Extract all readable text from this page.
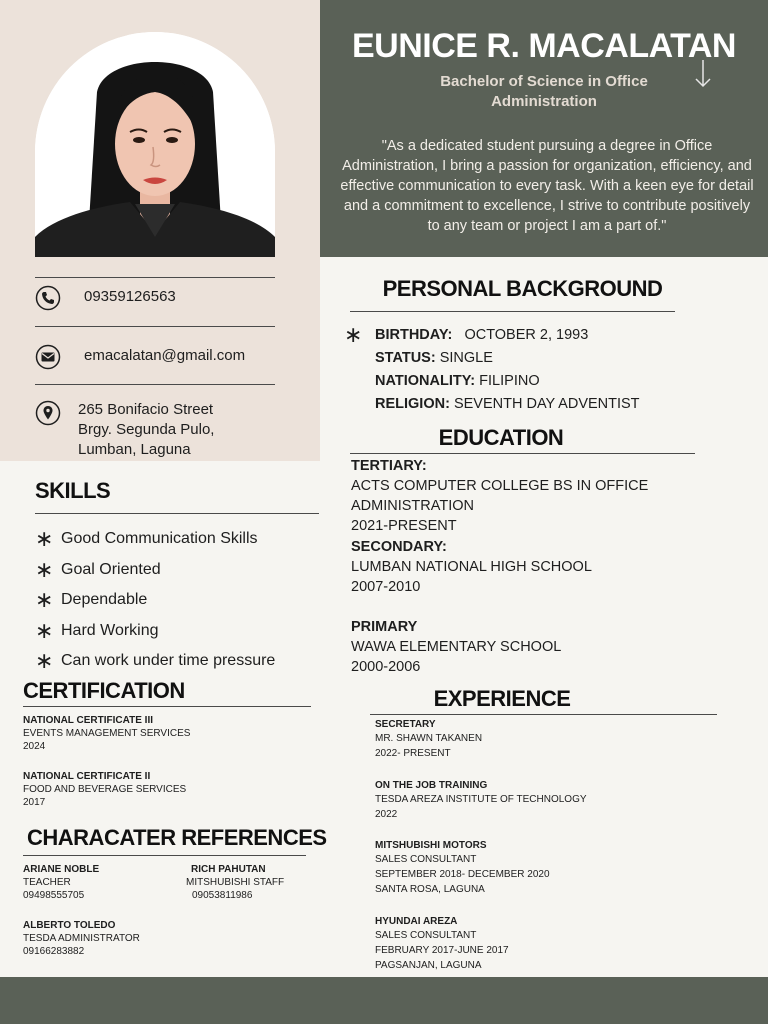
EUNICE R. MACALATAN
Bachelor of Science in Office Administration
"As a dedicated student pursuing a degree in Office Administration, I bring a passion for organization, efficiency, and effective communication to every task. With a keen eye for detail and a commitment to excellence, I strive to contribute positively to any team or project I am a part of."
09359126563
emacalatan@gmail.com
265 Bonifacio Street
Brgy. Segunda Pulo,
Lumban, Laguna
SKILLS
∗ Good Communication Skills
∗ Goal Oriented
∗ Dependable
∗ Hard Working
∗ Can work under time pressure
CERTIFICATION
NATIONAL CERTIFICATE III
EVENTS MANAGEMENT SERVICES
2024
NATIONAL CERTIFICATE II
FOOD AND BEVERAGE SERVICES
2017
CHARACATER REFERENCES
ARIANE NOBLE
TEACHER
09498555705
RICH PAHUTAN
MITSHUBISHI STAFF
09053811986
ALBERTO TOLEDO
TESDA ADMINISTRATOR
09166283882
PERSONAL BACKGROUND
∗ BIRTHDAY: OCTOBER 2, 1993
STATUS: SINGLE
NATIONALITY: FILIPINO
RELIGION: SEVENTH DAY ADVENTIST
EDUCATION
TERTIARY:
ACTS COMPUTER COLLEGE BS IN OFFICE ADMINISTRATION
2021-PRESENT
SECONDARY:
LUMBAN NATIONAL HIGH SCHOOL
2007-2010
PRIMARY
WAWA ELEMENTARY SCHOOL
2000-2006
EXPERIENCE
SECRETARY
MR. SHAWN TAKANEN
2022- PRESENT
ON THE JOB TRAINING
TESDA AREZA INSTITUTE OF TECHNOLOGY
2022
MITSHUBISHI MOTORS
SALES CONSULTANT
SEPTEMBER 2018- DECEMBER 2020
SANTA ROSA, LAGUNA
HYUNDAI AREZA
SALES CONSULTANT
FEBRUARY 2017-JUNE 2017
PAGSANJAN, LAGUNA
